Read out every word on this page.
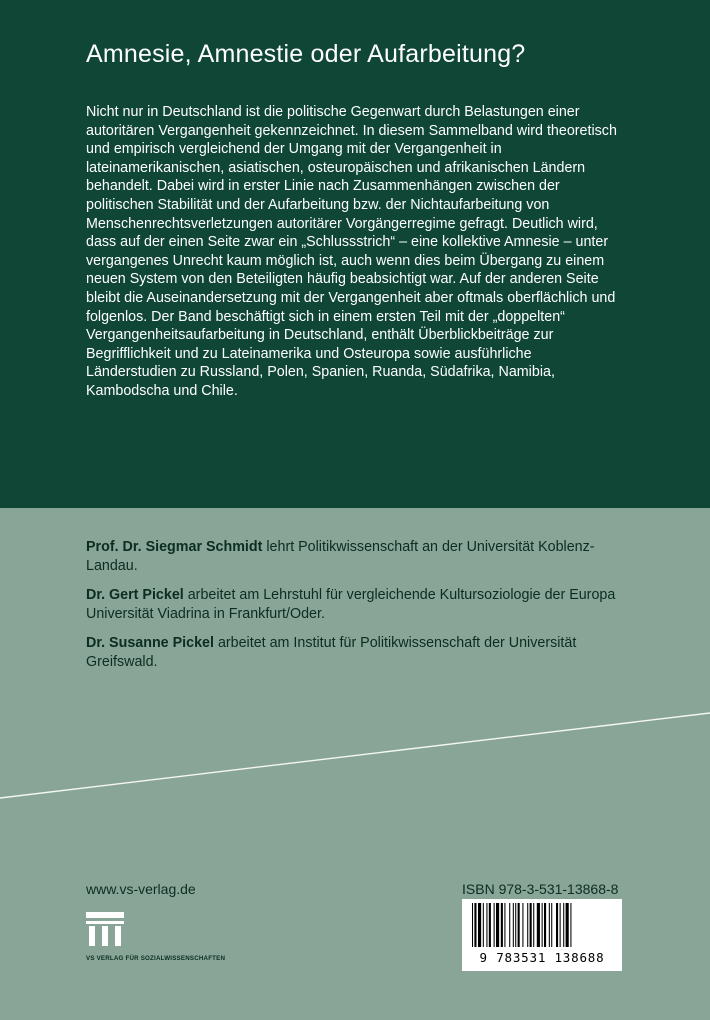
Amnesie, Amnestie oder Aufarbeitung?

Nicht nur in Deutschland ist die politische Gegenwart durch Belastungen einer autoritären Vergangenheit gekennzeichnet. In diesem Sammelband wird theoretisch und empirisch vergleichend der Umgang mit der Vergangenheit in lateinamerikanischen, asiatischen, osteuropäischen und afrikanischen Ländern behandelt. Dabei wird in erster Linie nach Zusammenhängen zwischen der politischen Stabilität und der Aufarbeitung bzw. der Nichtaufarbeitung von Menschenrechtsverletzungen autoritärer Vorgängerregime gefragt. Deutlich wird, dass auf der einen Seite zwar ein „Schlussstrich“ – eine kollektive Amnesie – unter vergangenes Unrecht kaum möglich ist, auch wenn dies beim Übergang zu einem neuen System von den Beteiligten häufig beabsichtigt war. Auf der anderen Seite bleibt die Auseinandersetzung mit der Vergangenheit aber oftmals oberflächlich und folgenlos. Der Band beschäftigt sich in einem ersten Teil mit der „doppelten“ Vergangenheitsaufarbeitung in Deutschland, enthält Überblickbeiträge zur Begrifflichkeit und zu Lateinamerika und Osteuropa sowie ausführliche Länderstudien zu Russland, Polen, Spanien, Ruanda, Südafrika, Namibia, Kambodscha und Chile.

Prof. Dr. Siegmar Schmidt lehrt Politikwissenschaft an der Universität Koblenz-Landau.

Dr. Gert Pickel arbeitet am Lehrstuhl für vergleichende Kultursoziologie der Europa Universität Viadrina in Frankfurt/Oder.

Dr. Susanne Pickel arbeitet am Institut für Politikwissenschaft der Universität Greifswald.

www.vs-verlag.de
VS VERLAG FÜR SOZIALWISSENSCHAFTEN
ISBN 978-3-531-13868-8
9 783531 138688
